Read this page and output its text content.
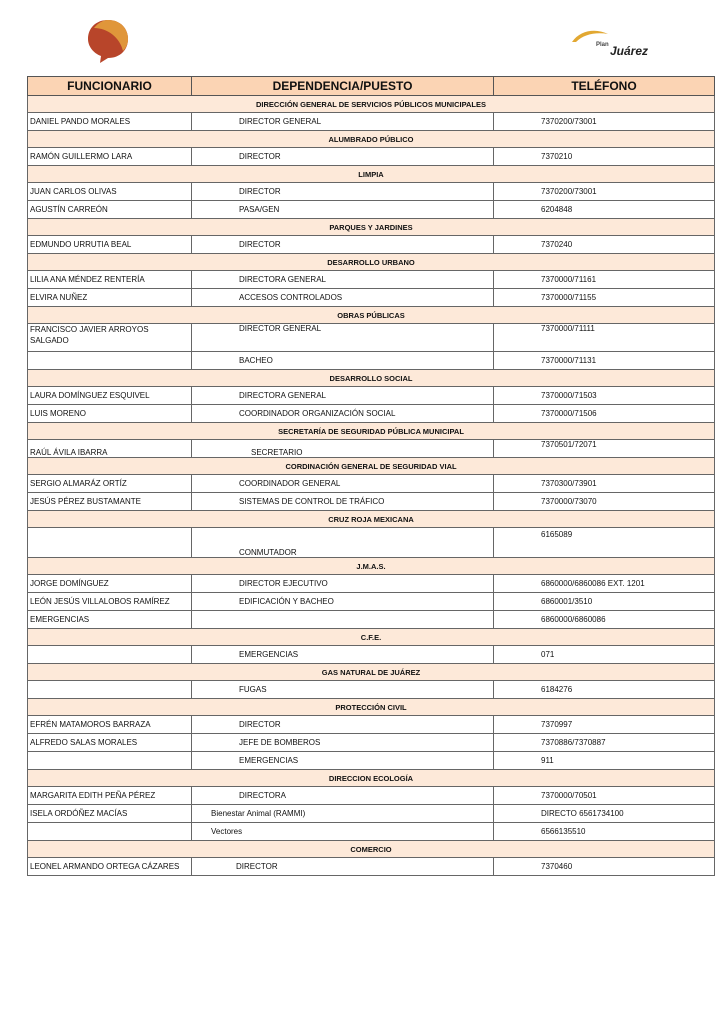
Plan Juárez
FUNCIONARIO	DEPENDENCIA/PUESTO	TELÉFONO
DIRECCIÓN GENERAL DE SERVICIOS PÚBLICOS MUNICIPALES		
DANIEL PANDO MORALES	DIRECTOR GENERAL	7370200/73001
ALUMBRADO PÚBLICO		
RAMÓN GUILLERMO LARA	DIRECTOR	7370210
LIMPIA		
JUAN CARLOS OLIVAS	DIRECTOR	7370200/73001
AGUSTÍN CARREÓN	PASA/GEN	6204848
PARQUES Y JARDINES		
EDMUNDO URRUTIA BEAL	DIRECTOR	7370240
DESARROLLO URBANO		
LILIA ANA MÉNDEZ RENTERÍA	DIRECTORA GENERAL	7370000/71161
ELVIRA NUÑEZ	ACCESOS CONTROLADOS	7370000/71155
OBRAS PÚBLICAS		
FRANCISCO JAVIER ARROYOS SALGADO	DIRECTOR GENERAL	7370000/71111
	BACHEO	7370000/71131
DESARROLLO SOCIAL		
LAURA DOMÍNGUEZ ESQUIVEL	DIRECTORA GENERAL	7370000/71503
LUIS MORENO	COORDINADOR ORGANIZACIÓN SOCIAL	7370000/71506
SECRETARÍA DE SEGURIDAD PÚBLICA MUNICIPAL		
RAÚL ÁVILA IBARRA	SECRETARIO	7370501/72071
CORDINACIÓN GENERAL DE SEGURIDAD VIAL		
SERGIO ALMARÁZ ORTÍZ	COORDINADOR GENERAL	7370300/73901
JESÚS PÉREZ BUSTAMANTE	SISTEMAS DE CONTROL DE TRÁFICO	7370000/73070
CRUZ ROJA MEXICANA		
	CONMUTADOR	6165089
J.M.A.S.		
JORGE DOMÍNGUEZ	DIRECTOR EJECUTIVO	6860000/6860086 EXT. 1201
LEÓN JESÚS VILLALOBOS RAMÍREZ	EDIFICACIÓN Y BACHEO	6860001/3510
EMERGENCIAS		6860000/6860086
C.F.E.		
	EMERGENCIAS	071
GAS NATURAL DE JUÁREZ		
	FUGAS	6184276
PROTECCIÓN CIVIL		
EFRÉN MATAMOROS BARRAZA	DIRECTOR	7370997
ALFREDO SALAS MORALES	JEFE DE BOMBEROS	7370886/7370887
	EMERGENCIAS	911
DIRECCION ECOLOGÍA		
MARGARITA EDITH PEÑA PÉREZ	DIRECTORA	7370000/70501
ISELA ORDÓÑEZ MACÍAS	Bienestar Animal (RAMMI)	DIRECTO 6561734100
	Vectores	6566135510
COMERCIO		
LEONEL ARMANDO ORTEGA CÁZARES	DIRECTOR	7370460
